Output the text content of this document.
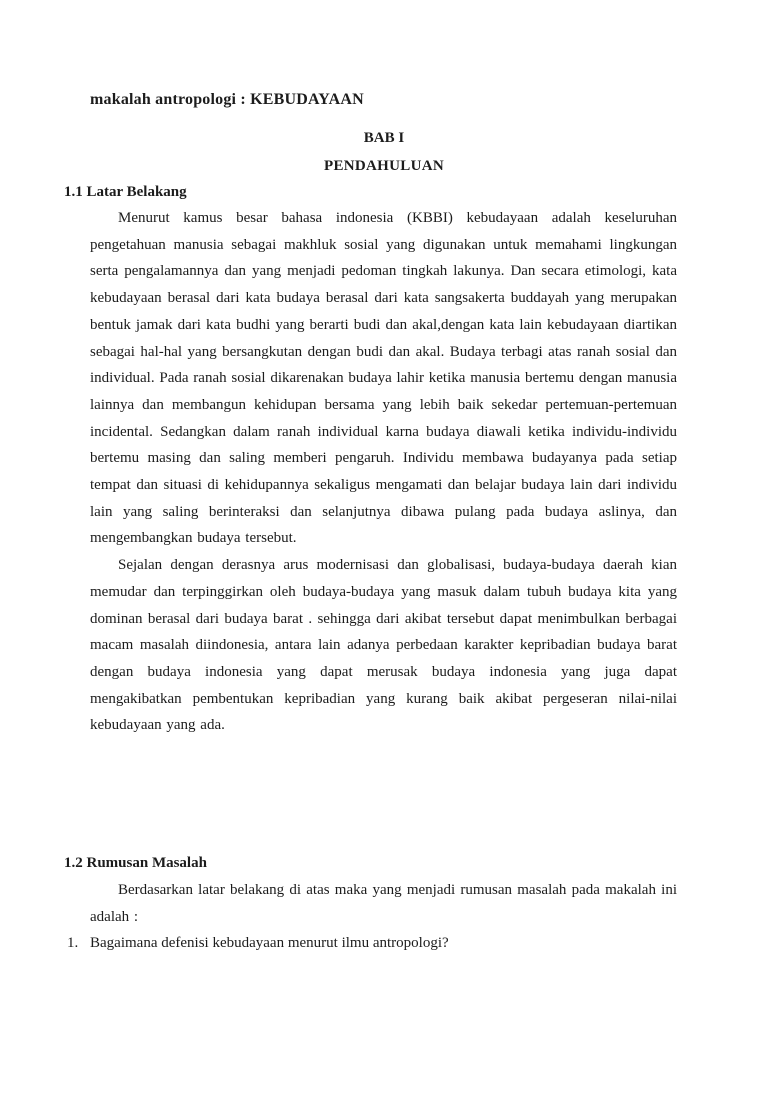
makalah antropologi : KEBUDAYAAN
BAB I
PENDAHULUAN
1.1 Latar Belakang

Menurut kamus besar bahasa indonesia (KBBI) kebudayaan adalah keseluruhan pengetahuan manusia sebagai makhluk sosial yang digunakan untuk memahami lingkungan serta pengalamannya dan yang menjadi pedoman tingkah lakunya. Dan secara etimologi, kata kebudayaan berasal dari kata budaya berasal dari kata sangsakerta buddayah yang merupakan bentuk jamak dari kata budhi yang berarti budi dan akal,dengan kata lain kebudayaan diartikan sebagai hal-hal yang bersangkutan dengan budi dan akal. Budaya terbagi atas ranah sosial dan individual. Pada ranah sosial dikarenakan budaya lahir ketika manusia bertemu dengan manusia lainnya dan membangun kehidupan bersama yang lebih baik sekedar pertemuan-pertemuan incidental. Sedangkan dalam ranah individual karna budaya diawali ketika individu-individu bertemu masing dan saling memberi pengaruh. Individu membawa budayanya pada setiap tempat dan situasi di kehidupannya sekaligus mengamati dan belajar budaya lain dari individu lain yang saling berinteraksi dan selanjutnya dibawa pulang pada budaya aslinya, dan mengembangkan budaya tersebut.

Sejalan dengan derasnya arus modernisasi dan globalisasi, budaya-budaya daerah kian memudar dan terpinggirkan oleh budaya-budaya yang masuk dalam tubuh budaya kita yang dominan berasal dari budaya barat . sehingga dari akibat tersebut dapat menimbulkan berbagai macam masalah diindonesia, antara lain adanya perbedaan karakter kepribadian budaya barat dengan budaya indonesia yang dapat merusak budaya indonesia yang juga dapat mengakibatkan pembentukan kepribadian yang kurang baik akibat pergeseran nilai-nilai kebudayaan yang ada.

1.2 Rumusan Masalah

Berdasarkan latar belakang di atas maka yang menjadi rumusan masalah pada makalah ini adalah :

1. Bagaimana defenisi kebudayaan menurut ilmu antropologi?
